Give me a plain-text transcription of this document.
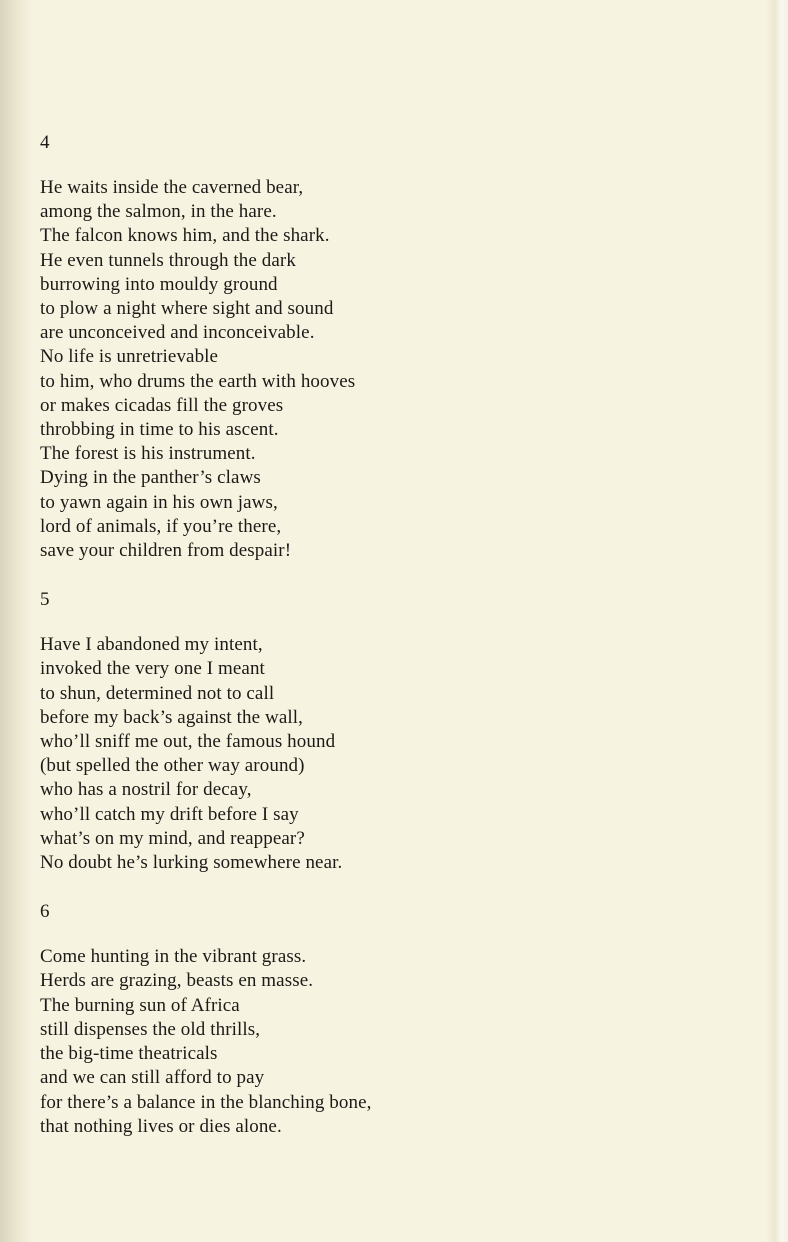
4

He waits inside the caverned bear,
among the salmon, in the hare.
The falcon knows him, and the shark.
He even tunnels through the dark
burrowing into mouldy ground
to plow a night where sight and sound
are unconceived and inconceivable.
No life is unretrievable
to him, who drums the earth with hooves
or makes cicadas fill the groves
throbbing in time to his ascent.
The forest is his instrument.
Dying in the panther’s claws
to yawn again in his own jaws,
lord of animals, if you’re there,
save your children from despair!

5

Have I abandoned my intent,
invoked the very one I meant
to shun, determined not to call
before my back’s against the wall,
who’ll sniff me out, the famous hound
(but spelled the other way around)
who has a nostril for decay,
who’ll catch my drift before I say
what’s on my mind, and reappear?
No doubt he’s lurking somewhere near.

6

Come hunting in the vibrant grass.
Herds are grazing, beasts en masse.
The burning sun of Africa
still dispenses the old thrills,
the big-time theatricals
and we can still afford to pay
for there’s a balance in the blanching bone,
that nothing lives or dies alone.
